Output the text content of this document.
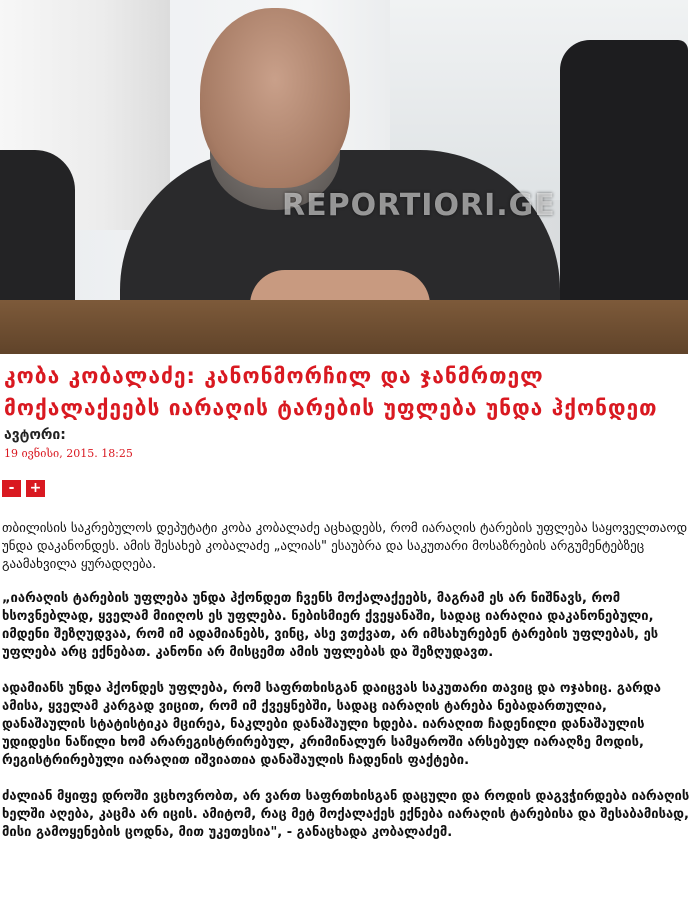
REPORTIORI.GE
კობა კობალაძე: კანონმორჩილ და ჯანმრთელ მოქალაქეებს იარაღის ტარების უფლება უნდა ჰქონდეთ
ავტორი:
19 ივნისი, 2015. 18:25
-	+

თბილისის საკრებულოს დეპუტატი კობა კობალაძე აცხადებს, რომ იარაღის ტარების უფლება საყოველთაოდ უნდა დაკანონდეს. ამის შესახებ კობალაძე „ალიას" ესაუბრა და საკუთარი მოსაზრების არგუმენტებზეც გაამახვილა ყურადღება.

„იარაღის ტარების უფლება უნდა ჰქონდეთ ჩვენს მოქალაქეებს, მაგრამ ეს არ ნიშნავს, რომ ხსოვნებლად, ყველამ მიიღოს ეს უფლება. ნებისმიერ ქვეყანაში, სადაც იარაღია დაკანონებული, იმდენი შეზღუდვაა, რომ იმ ადამიანებს, ვინც, ასე ვთქვათ, არ იმსახურებენ ტარების უფლებას, ეს უფლება არც ექნებათ. კანონი არ მისცემთ ამის უფლებას და შეზღუდავთ.

ადამიანს უნდა ჰქონდეს უფლება, რომ საფრთხისგან დაიცვას საკუთარი თავიც და ოჯახიც. გარდა ამისა, ყველამ კარგად ვიცით, რომ იმ ქვეყნებში, სადაც იარაღის ტარება ნებადართულია, დანაშაულის სტატისტიკა მცირეა, ნაკლები დანაშაული ხდება. იარაღით ჩადენილი დანაშაულის უდიდესი ნაწილი ხომ არარეგისტრირებულ, კრიმინალურ სამყაროში არსებულ იარაღზე მოდის, რეგისტრირებული იარაღით იშვიათია დანაშაულის ჩადენის ფაქტები.

ძალიან მყიფე დროში ვცხოვრობთ, არ ვართ საფრთხისგან დაცული და როდის დაგვჭირდება იარაღის ხელში აღება, კაცმა არ იცის. ამიტომ, რაც მეტ მოქალაქეს ექნება იარაღის ტარებისა და შესაბამისად, მისი გამოყენების ცოდნა, მით უკეთესია", - განაცხადა კობალაძემ.
